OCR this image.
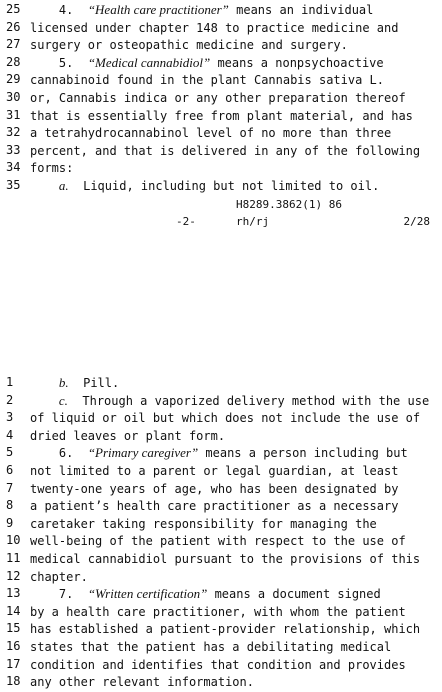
25	4.  “Health care practitioner” means an individual
26 licensed under chapter 148 to practice medicine and
27 surgery or osteopathic medicine and surgery.
28	5.  “Medical cannabidiol” means a nonpsychoactive
29 cannabinoid found in the plant Cannabis sativa L.
30 or, Cannabis indica or any other preparation thereof
31 that is essentially free from plant material, and has
32 a tetrahydrocannabinol level of no more than three
33 percent, and that is delivered in any of the following
34 forms:
35	a.  Liquid, including but not limited to oil.
H8289.3862(1) 86
-2-	rh/rj	2/28
1	b.  Pill.
2	c.  Through a vaporized delivery method with the use
3	of liquid or oil but which does not include the use of
4	dried leaves or plant form.
5	6.  “Primary caregiver” means a person including but
6	not limited to a parent or legal guardian, at least
7	twenty-one years of age, who has been designated by
8	a patient’s health care practitioner as a necessary
9	caretaker taking responsibility for managing the
10 well-being of the patient with respect to the use of
11 medical cannabidiol pursuant to the provisions of this
12 chapter.
13	7.  “Written certification” means a document signed
14 by a health care practitioner, with whom the patient
15 has established a patient-provider relationship, which
16 states that the patient has a debilitating medical
17 condition and identifies that condition and provides
18 any other relevant information.
